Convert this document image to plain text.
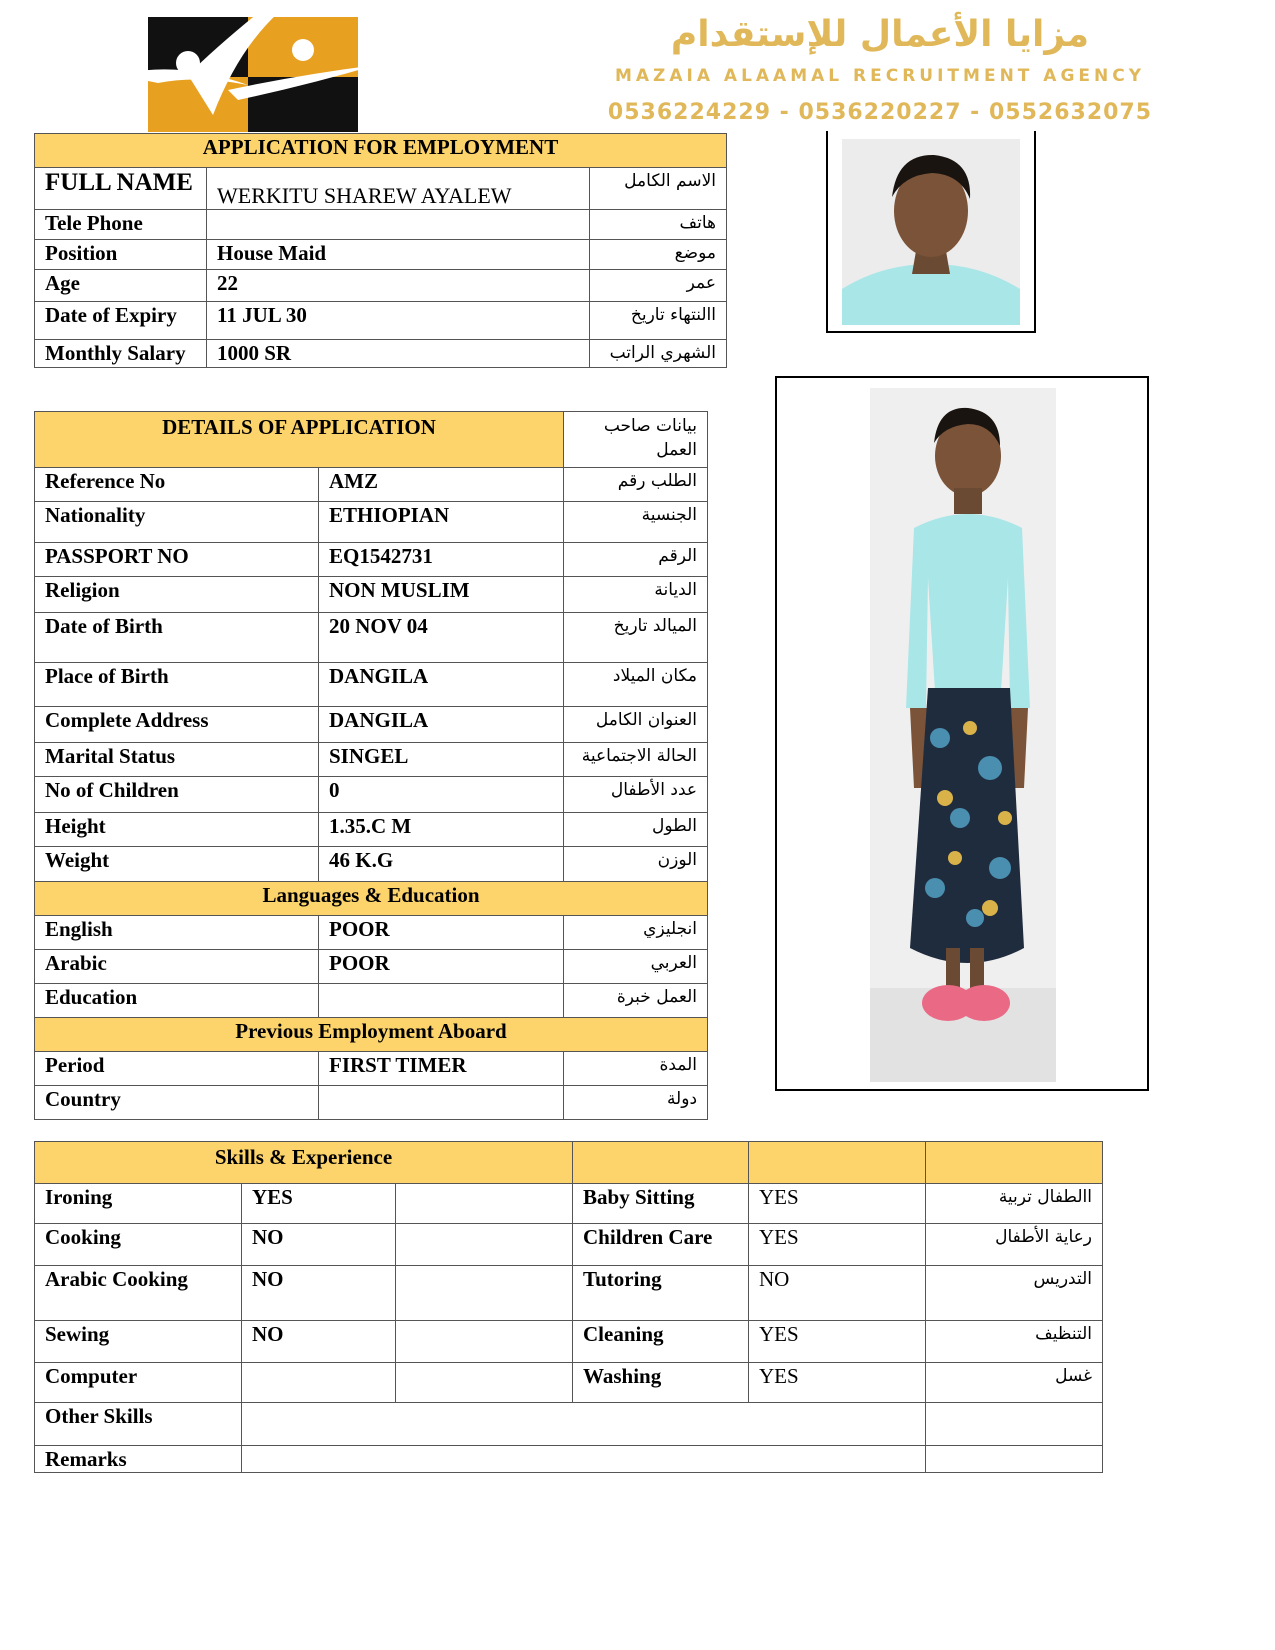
مزايا الأعمال للإستقدام
MAZAIA ALAAMAL RECRUITMENT AGENCY
0536224229 - 0536220227 - 0552632075
APPLICATION FOR EMPLOYMENT		
FULL NAME	WERKITU SHAREW AYALEW	الاسم الكامل
Tele Phone		هاتف
Position	House Maid	موضع
Age	22	عمر
Date of Expiry	11 JUL 30	االنتهاء تاريخ
Monthly Salary	1000 SR	الشهري الراتب
DETAILS OF APPLICATION		بيانات صاحب العمل
Reference No	AMZ	الطلب رقم
Nationality	ETHIOPIAN	الجنسية
PASSPORT NO	EQ1542731	الرقم
Religion	NON MUSLIM	الديانة
Date of Birth	20 NOV 04	الميالد تاريخ
Place of Birth	DANGILA	مكان الميلاد
Complete Address	DANGILA	العنوان الكامل
Marital Status	SINGEL	الحالة الاجتماعية
No of Children	0	عدد الأطفال
Height	1.35.C M	الطول
Weight	46 K.G	الوزن
Languages & Education		
English	POOR	انجليزي
Arabic	POOR	العربي
Education		العمل خبرة
Previous Employment Aboard		
Period	FIRST TIMER	المدة
Country		دولة
Skills & Experience					
Ironing	YES		Baby Sitting	YES	االطفال تربية
Cooking	NO		Children Care	YES	رعاية الأطفال
Arabic Cooking	NO		Tutoring	NO	التدريس
Sewing	NO		Cleaning	YES	التنظيف
Computer			Washing	YES	غسل
Other Skills					
Remarks					
